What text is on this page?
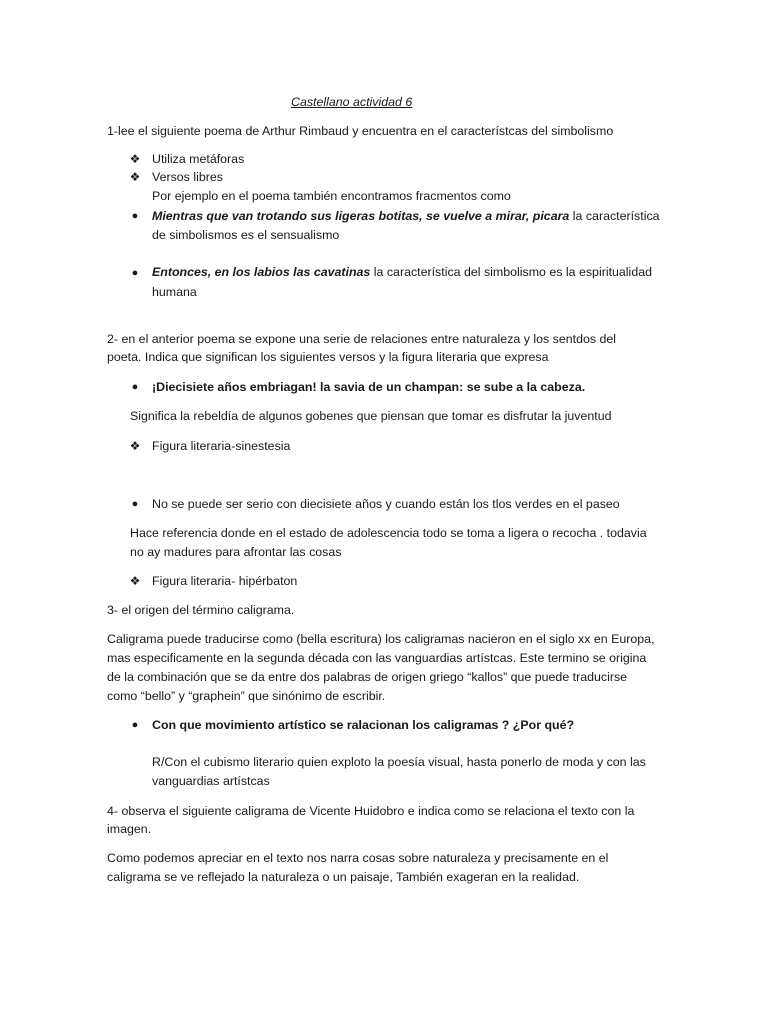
Castellano actividad 6
1-lee el siguiente poema de Arthur Rimbaud y encuentra en el característcas del simbolismo
❖ Utiliza metáforas
❖ Versos libres
Por ejemplo en el poema también encontramos fracmentos como
● Mientras que van trotando sus ligeras botitas, se vuelve a mirar, picara la característica
de simbolismos es el sensualismo
● Entonces, en los labios las cavatinas la característica del simbolismo es la espiritualidad
humana
2- en el anterior poema se expone una serie de relaciones entre naturaleza y los sentdos del
poeta. Indica que significan los siguientes versos y la figura literaria que expresa
● ¡Diecisiete años embriagan! la savia de un champan: se sube a la cabeza.
Significa la rebeldía de algunos gobenes que piensan que tomar es disfrutar la juventud
❖ Figura literaria-sinestesia
● No se puede ser serio con diecisiete años y cuando están los tlos verdes en el paseo
Hace referencia donde en el estado de adolescencia todo se toma a ligera o recocha . todavia
no ay madures para afrontar las cosas
❖ Figura literaria- hipérbaton
3- el origen del término caligrama.
Caligrama puede traducirse como (bella escritura) los caligramas nacieron en el siglo xx en Europa,
mas especificamente en la segunda década con las vanguardias artístcas. Este termino se origina
de la combinación que se da entre dos palabras de origen griego “kallos” que puede traducirse
como “bello” y “graphein” que sinónimo de escribir.
● Con que movimiento artístico se ralacionan los caligramas ? ¿Por qué?
R/Con el cubismo literario quien exploto la poesía visual, hasta ponerlo de moda y con las
vanguardias artístcas
4- observa el siguiente caligrama de Vicente Huidobro e indica como se relaciona el texto con la
imagen.
Como podemos apreciar en el texto nos narra cosas sobre naturaleza y precisamente en el
caligrama se ve reflejado la naturaleza o un paisaje, También exageran en la realidad.
